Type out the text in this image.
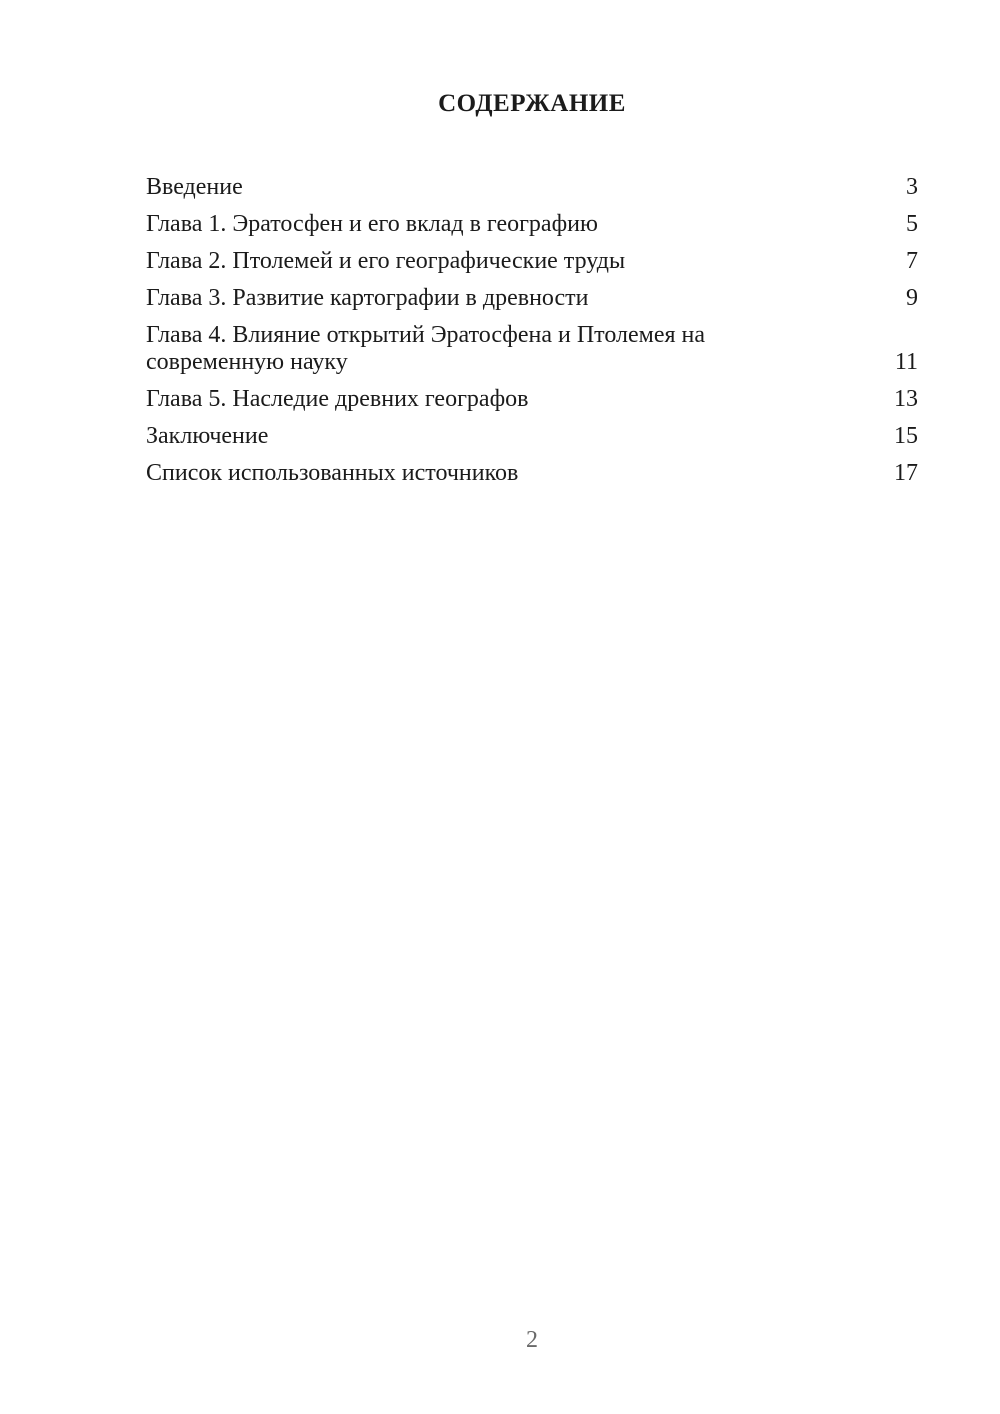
СОДЕРЖАНИЕ
Введение	3
Глава 1. Эратосфен и его вклад в географию	5
Глава 2. Птолемей и его географические труды	7
Глава 3. Развитие картографии в древности	9
Глава 4. Влияние открытий Эратосфена и Птолемея на современную науку	11
Глава 5. Наследие древних географов	13
Заключение	15
Список использованных источников	17
2
